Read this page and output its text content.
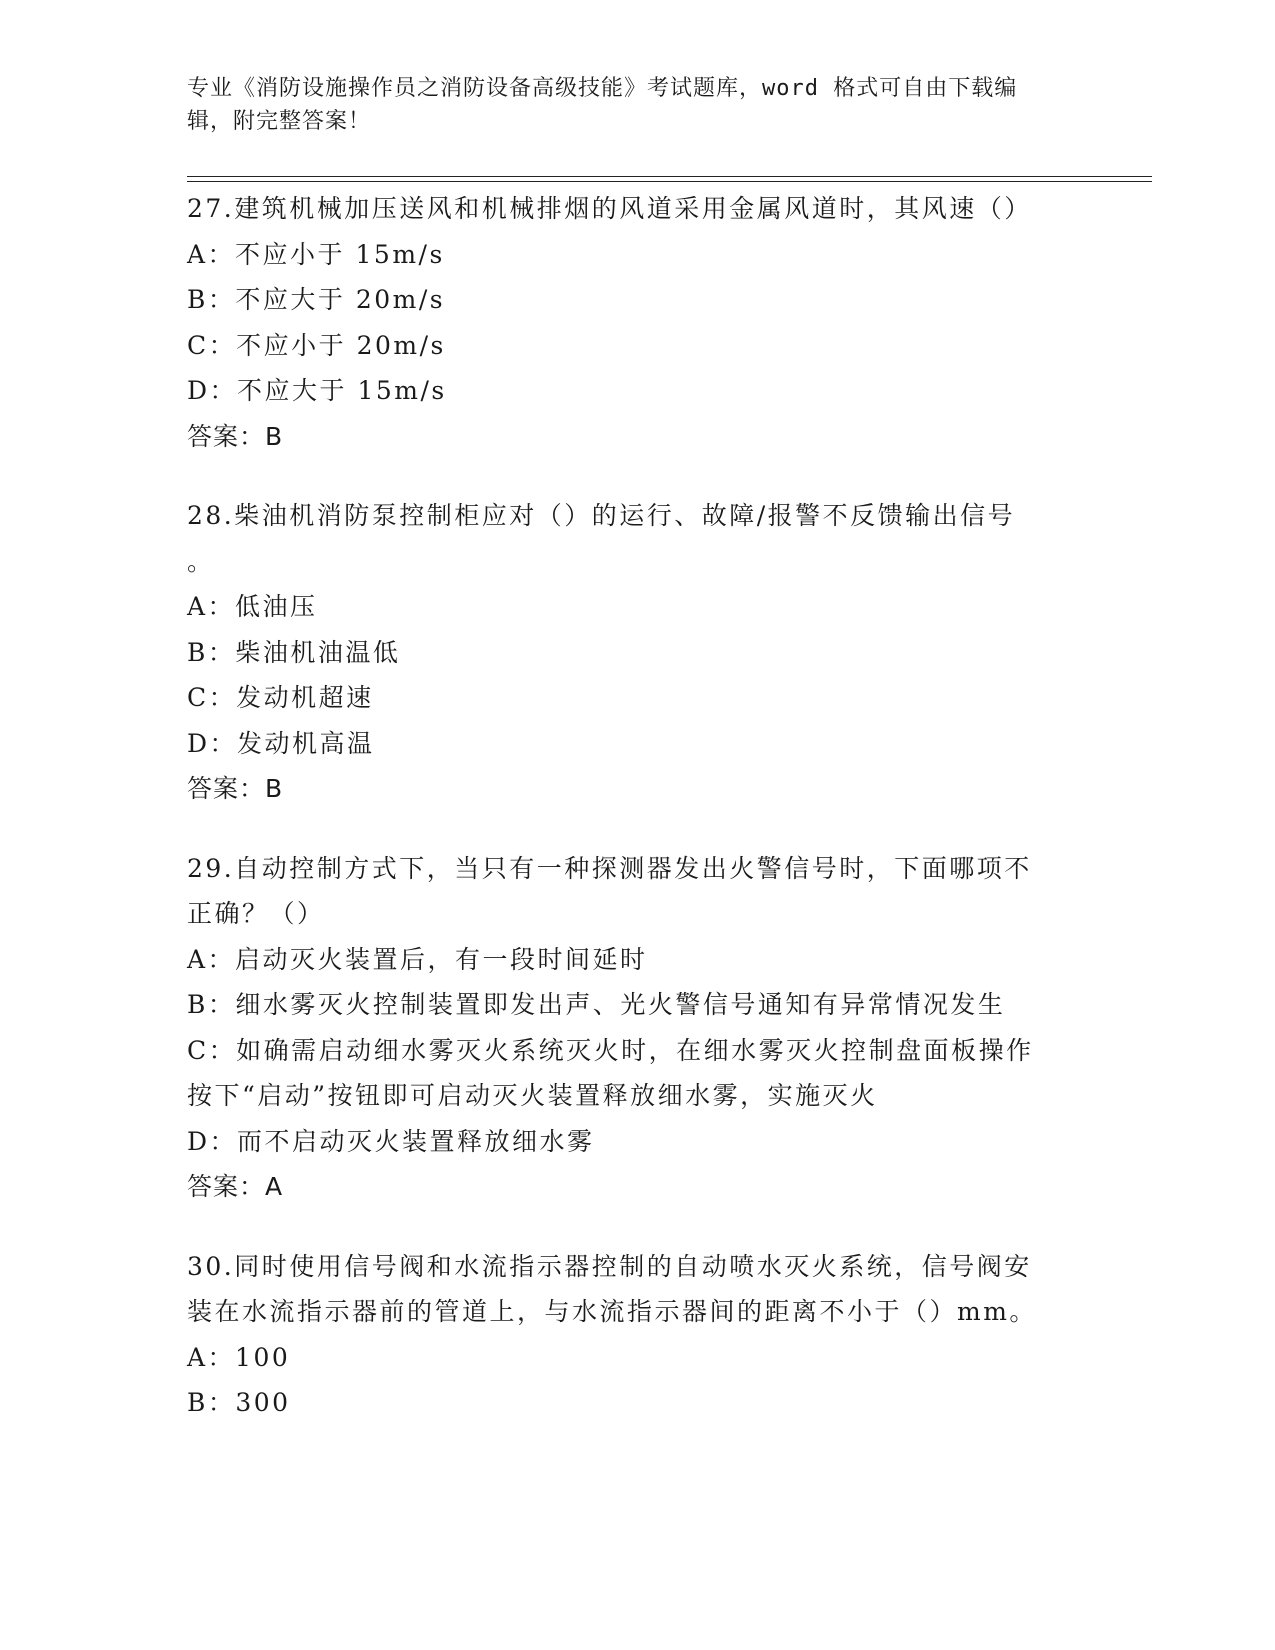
专业《消防设施操作员之消防设备高级技能》考试题库，word 格式可自由下载编
辑，附完整答案！
27.建筑机械加压送风和机械排烟的风道采用金属风道时，其风速（）
A：不应小于 15m/s
B：不应大于 20m/s
C：不应小于 20m/s
D：不应大于 15m/s
答案：B
28.柴油机消防泵控制柜应对（）的运行、故障/报警不反馈输出信号
。
A：低油压
B：柴油机油温低
C：发动机超速
D：发动机高温
答案：B
29.自动控制方式下，当只有一种探测器发出火警信号时，下面哪项不
正确？（）
A：启动灭火装置后，有一段时间延时
B：细水雾灭火控制装置即发出声、光火警信号通知有异常情况发生
C：如确需启动细水雾灭火系统灭火时，在细水雾灭火控制盘面板操作
按下“启动”按钮即可启动灭火装置释放细水雾，实施灭火
D：而不启动灭火装置释放细水雾
答案：A
30.同时使用信号阀和水流指示器控制的自动喷水灭火系统，信号阀安
装在水流指示器前的管道上，与水流指示器间的距离不小于（）mm。
A：100
B：300
